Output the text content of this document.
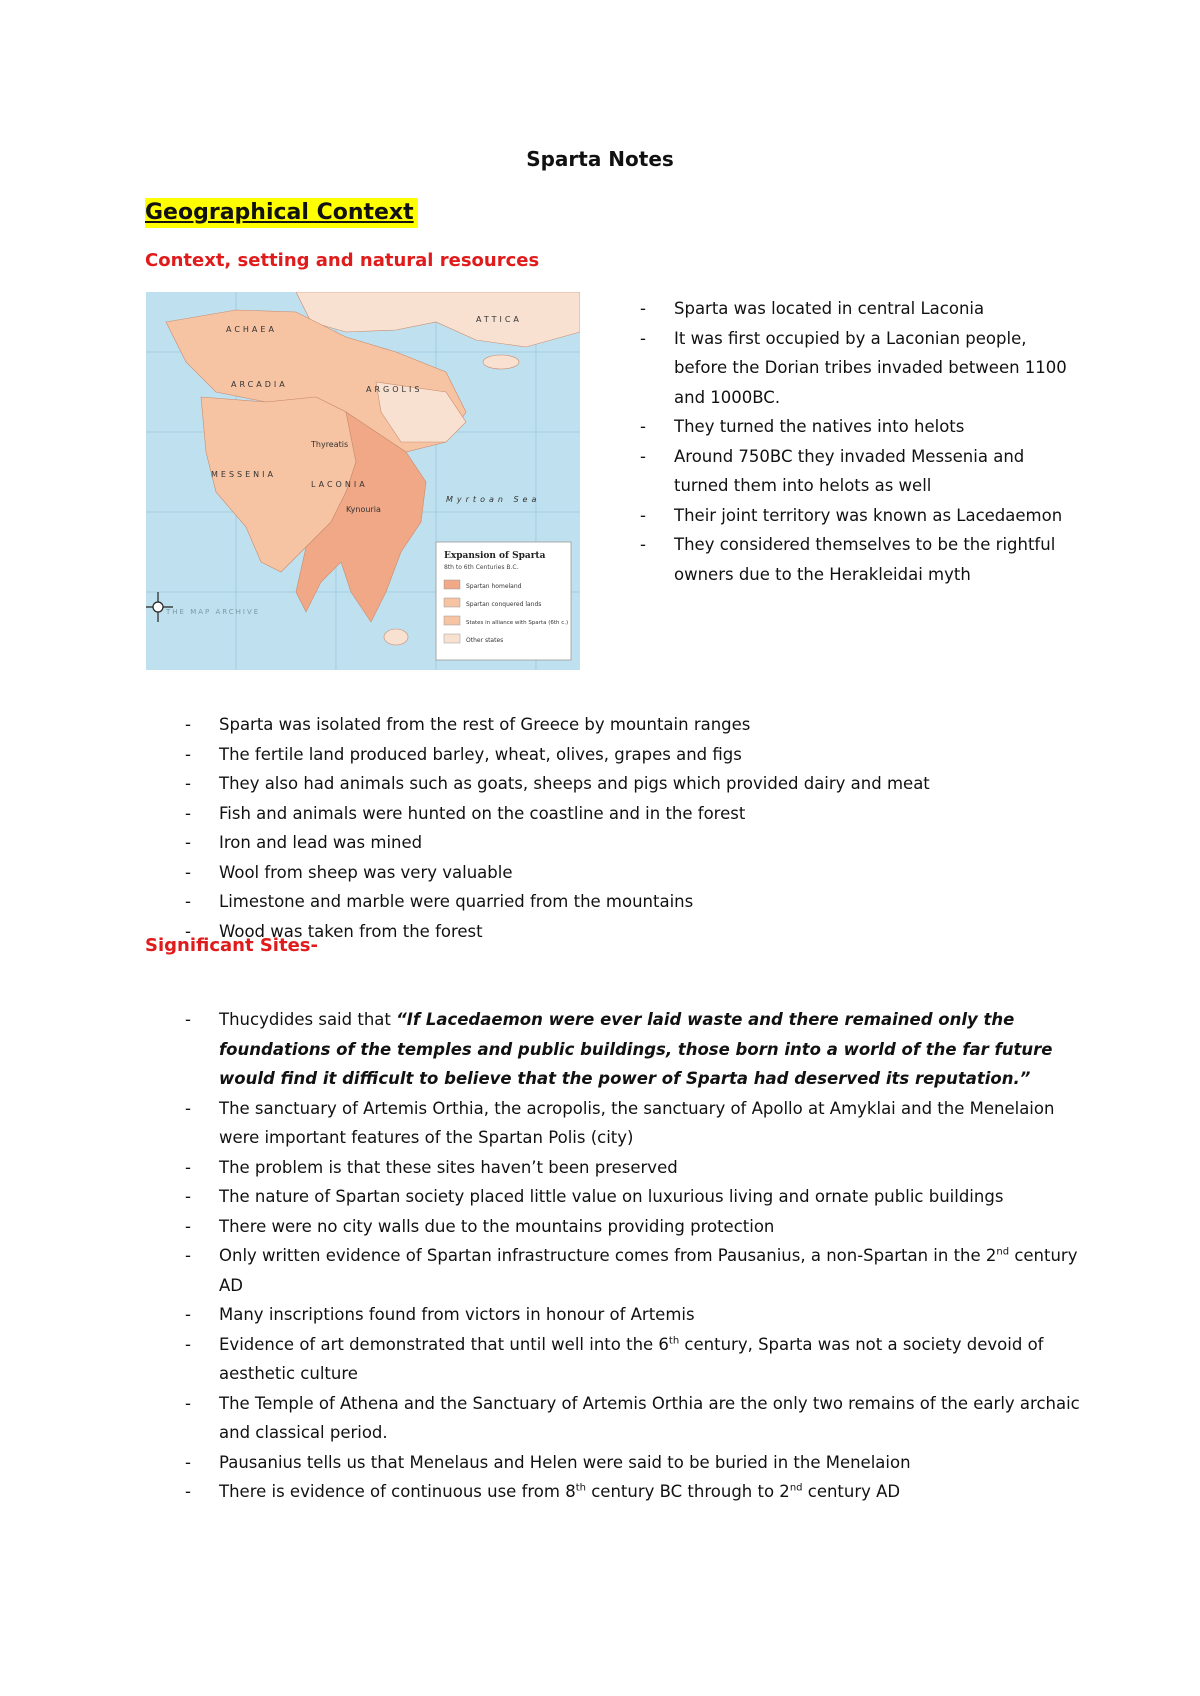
Sparta Notes
Geographical Context
Context, setting and natural resources
ACHAEA
ATTICA
ARCADIA
ARGOLIS
MESSENIA
LACONIA
Thyreatis
Kynouria
Myrtoan Sea
THE MAP ARCHIVE
Expansion of Sparta
8th to 6th Centuries B.C.
Spartan homeland
Spartan conquered lands
States in alliance with Sparta (6th c.)
Other states
- Sparta was located in central Laconia
- It was first occupied by a Laconian people, before the Dorian tribes invaded between 1100 and 1000BC.
- They turned the natives into helots
- Around 750BC they invaded Messenia and turned them into helots as well
- Their joint territory was known as Lacedaemon
- They considered themselves to be the rightful owners due to the Herakleidai myth
- Sparta was isolated from the rest of Greece by mountain ranges
- The fertile land produced barley, wheat, olives, grapes and figs
- They also had animals such as goats, sheeps and pigs which provided dairy and meat
- Fish and animals were hunted on the coastline and in the forest
- Iron and lead was mined
- Wool from sheep was very valuable
- Limestone and marble were quarried from the mountains
- Wood was taken from the forest
Significant Sites-
- Thucydides said that “If Lacedaemon were ever laid waste and there remained only the foundations of the temples and public buildings, those born into a world of the far future would find it difficult to believe that the power of Sparta had deserved its reputation.”
- The sanctuary of Artemis Orthia, the acropolis, the sanctuary of Apollo at Amyklai and the Menelaion were important features of the Spartan Polis (city)
- The problem is that these sites haven’t been preserved
- The nature of Spartan society placed little value on luxurious living and ornate public buildings
- There were no city walls due to the mountains providing protection
- Only written evidence of Spartan infrastructure comes from Pausanius, a non-Spartan in the 2nd century AD
- Many inscriptions found from victors in honour of Artemis
- Evidence of art demonstrated that until well into the 6th century, Sparta was not a society devoid of aesthetic culture
- The Temple of Athena and the Sanctuary of Artemis Orthia are the only two remains of the early archaic and classical period.
- Pausanius tells us that Menelaus and Helen were said to be buried in the Menelaion
- There is evidence of continuous use from 8th century BC through to 2nd century AD
